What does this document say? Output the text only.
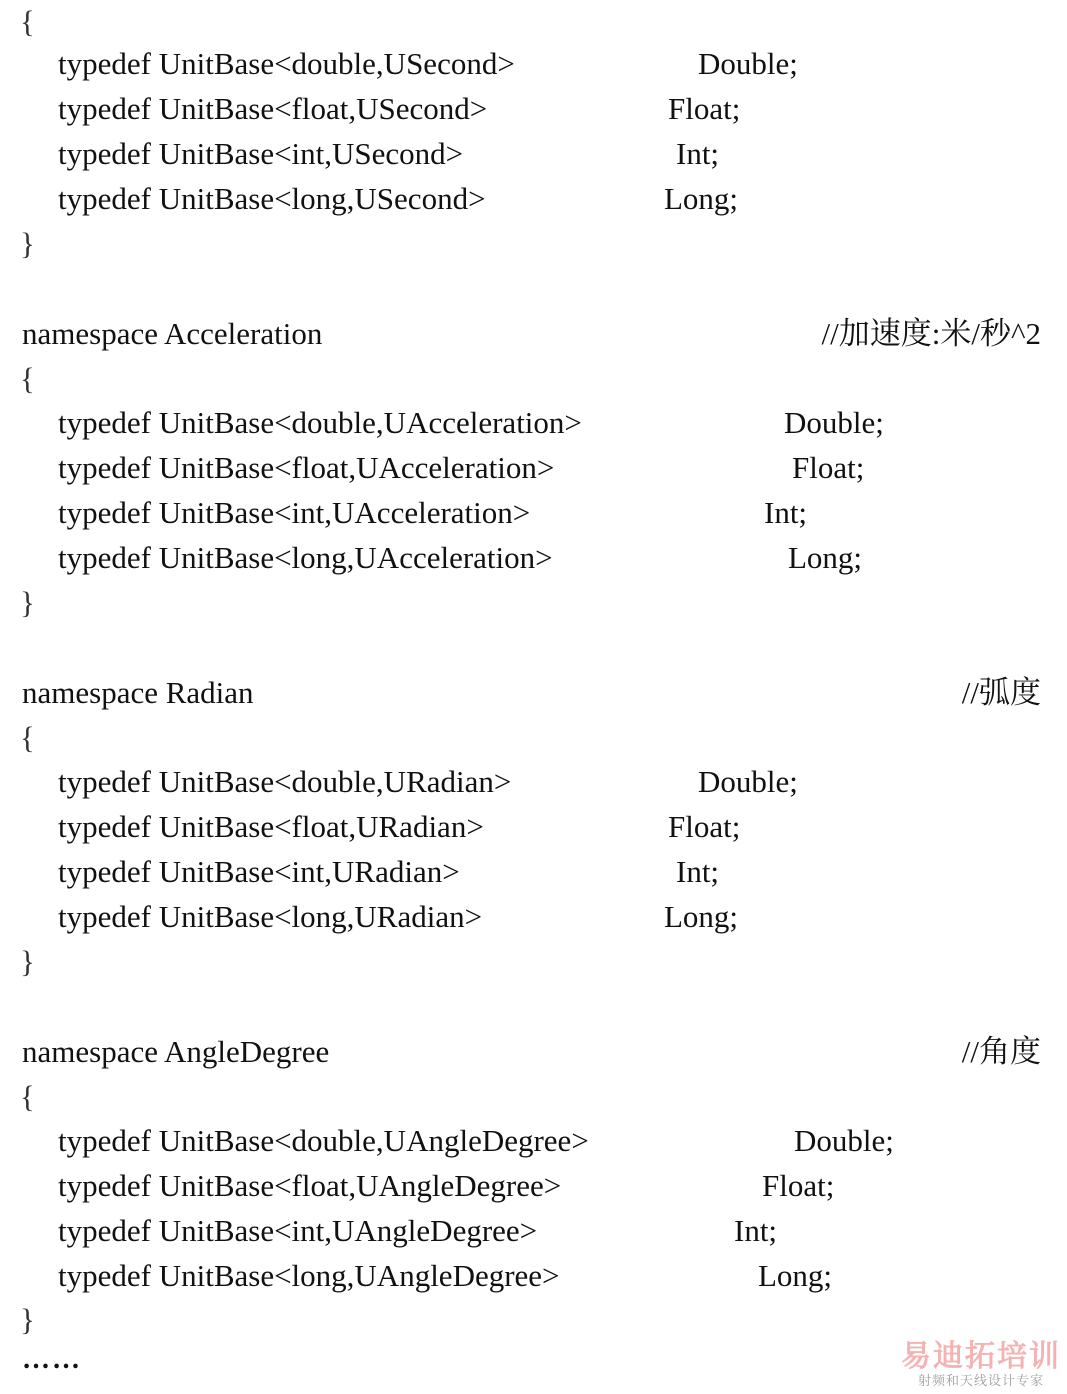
{
typedef UnitBase<double,USecond>	Double;
typedef UnitBase<float,USecond>	Float;
typedef UnitBase<int,USecond>	Int;
typedef UnitBase<long,USecond>	Long;
}
namespace Acceleration	//加速度:米/秒^2
{
typedef UnitBase<double,UAcceleration>	Double;
typedef UnitBase<float,UAcceleration>	Float;
typedef UnitBase<int,UAcceleration>	Int;
typedef UnitBase<long,UAcceleration>	Long;
}
namespace Radian	//弧度
{
typedef UnitBase<double,URadian>	Double;
typedef UnitBase<float,URadian>	Float;
typedef UnitBase<int,URadian>	Int;
typedef UnitBase<long,URadian>	Long;
}
namespace AngleDegree	//角度
{
typedef UnitBase<double,UAngleDegree>	Double;
typedef UnitBase<float,UAngleDegree>	Float;
typedef UnitBase<int,UAngleDegree>	Int;
typedef UnitBase<long,UAngleDegree>	Long;
}
……	易迪拓培训
射频和天线设计专家
